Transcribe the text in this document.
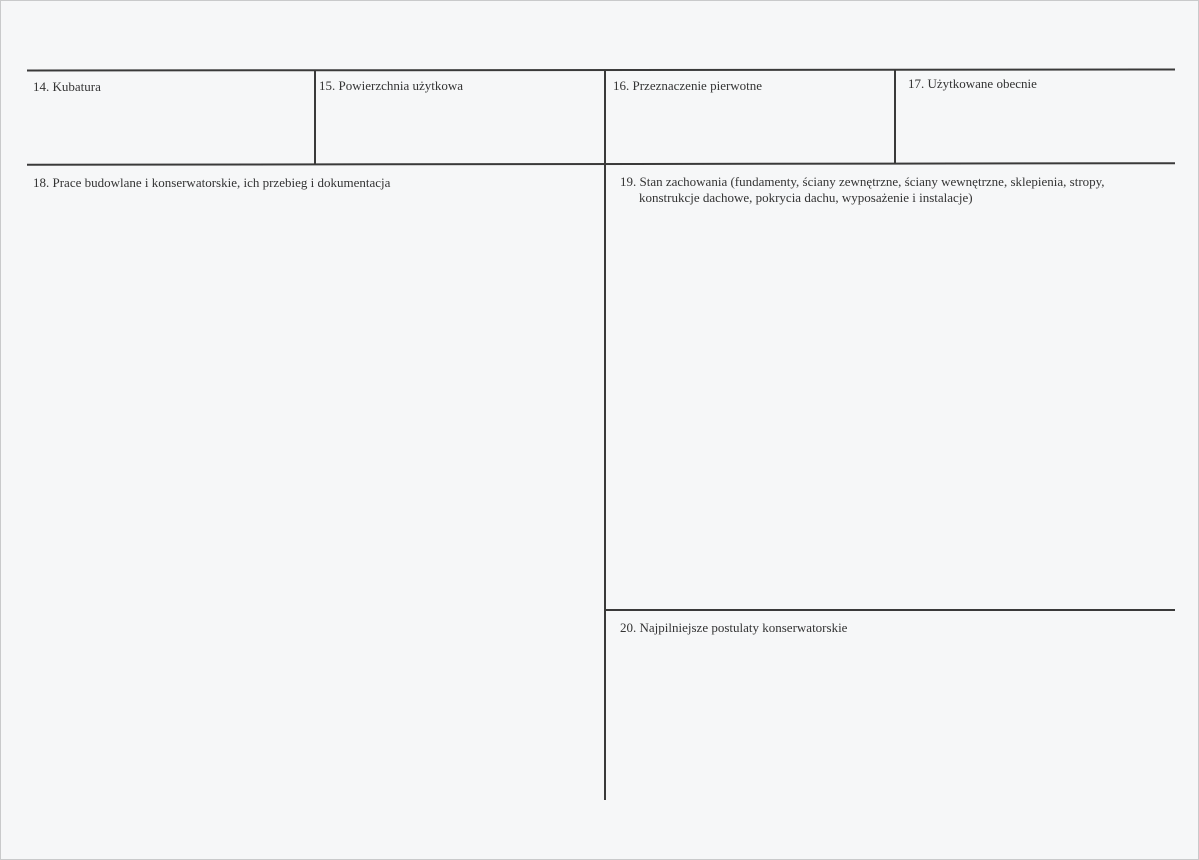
14. Kubatura	15. Powierzchnia użytkowa	16. Przeznaczenie pierwotne	17. Użytkowane obecnie
18. Prace budowlane i konserwatorskie, ich przebieg i dokumentacja	19. Stan zachowania (fundamenty, ściany zewnętrzne, ściany wewnętrzne, sklepienia, stropy,
konstrukcje dachowe, pokrycia dachu, wyposażenie i instalacje)
20. Najpilniejsze postulaty konserwatorskie
